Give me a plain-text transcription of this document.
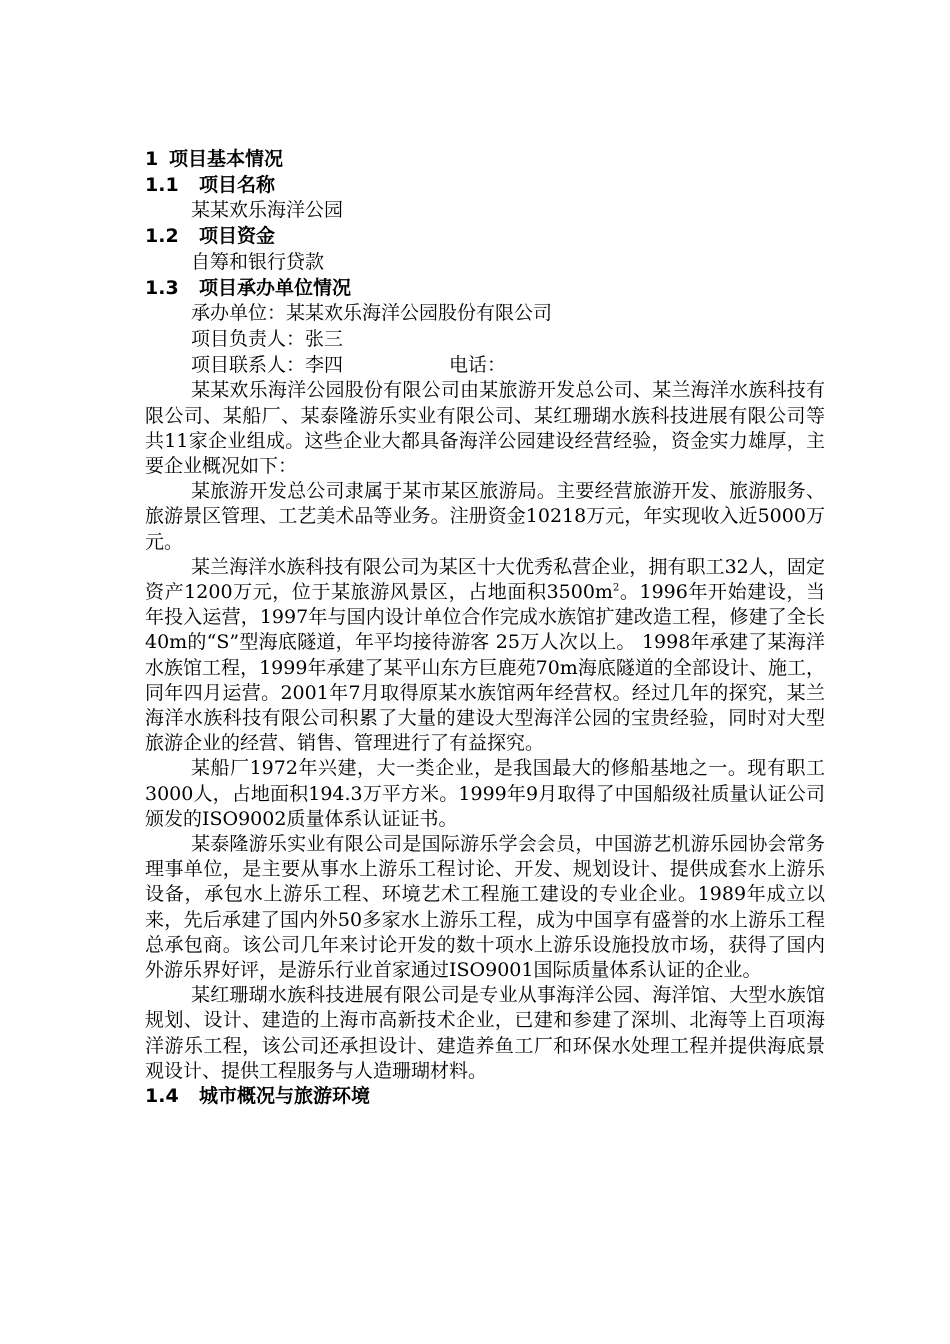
1 项目基本情况
1.1 项目名称
某某欢乐海洋公园
1.2 项目资金
自筹和银行贷款
1.3 项目承办单位情况
承办单位：某某欢乐海洋公园股份有限公司
项目负责人：张三
项目联系人：李四	电话：

某某欢乐海洋公园股份有限公司由某旅游开发总公司、某兰海洋水族科技有限公司、某船厂、某泰隆游乐实业有限公司、某红珊瑚水族科技进展有限公司等共11家企业组成。这些企业大都具备海洋公园建设经营经验，资金实力雄厚，主要企业概况如下：

某旅游开发总公司隶属于某市某区旅游局。主要经营旅游开发、旅游服务、旅游景区管理、工艺美术品等业务。注册资金10218万元，年实现收入近5000万元。

某兰海洋水族科技有限公司为某区十大优秀私营企业，拥有职工32人，固定资产1200万元，位于某旅游风景区，占地面积$3500m^2$。1996年开始建设，当年投入运营，1997年与国内设计单位合作完成水族馆扩建改造工程，修建了全长40m的“S”型海底隧道，年平均接待游客 25万人次以上。 1998年承建了某海洋水族馆工程，1999年承建了某平山东方巨鹿苑70m海底隧道的全部设计、施工，同年四月运营。2001年7月取得原某水族馆两年经营权。经过几年的探究，某兰海洋水族科技有限公司积累了大量的建设大型海洋公园的宝贵经验，同时对大型旅游企业的经营、销售、管理进行了有益探究。

某船厂1972年兴建，大一类企业，是我国最大的修船基地之一。现有职工3000人，占地面积194.3万平方米。1999年9月取得了中国船级社质量认证公司颁发的ISO9002质量体系认证证书。

某泰隆游乐实业有限公司是国际游乐学会会员，中国游艺机游乐园协会常务理事单位，是主要从事水上游乐工程讨论、开发、规划设计、提供成套水上游乐设备，承包水上游乐工程、环境艺术工程施工建设的专业企业。1989年成立以来，先后承建了国内外50多家水上游乐工程，成为中国享有盛誉的水上游乐工程总承包商。该公司几年来讨论开发的数十项水上游乐设施投放市场，获得了国内外游乐界好评，是游乐行业首家通过ISO9001国际质量体系认证的企业。

某红珊瑚水族科技进展有限公司是专业从事海洋公园、海洋馆、大型水族馆规划、设计、建造的上海市高新技术企业，已建和参建了深圳、北海等上百项海洋游乐工程，该公司还承担设计、建造养鱼工厂和环保水处理工程并提供海底景观设计、提供工程服务与人造珊瑚材料。

1.4 城市概况与旅游环境
